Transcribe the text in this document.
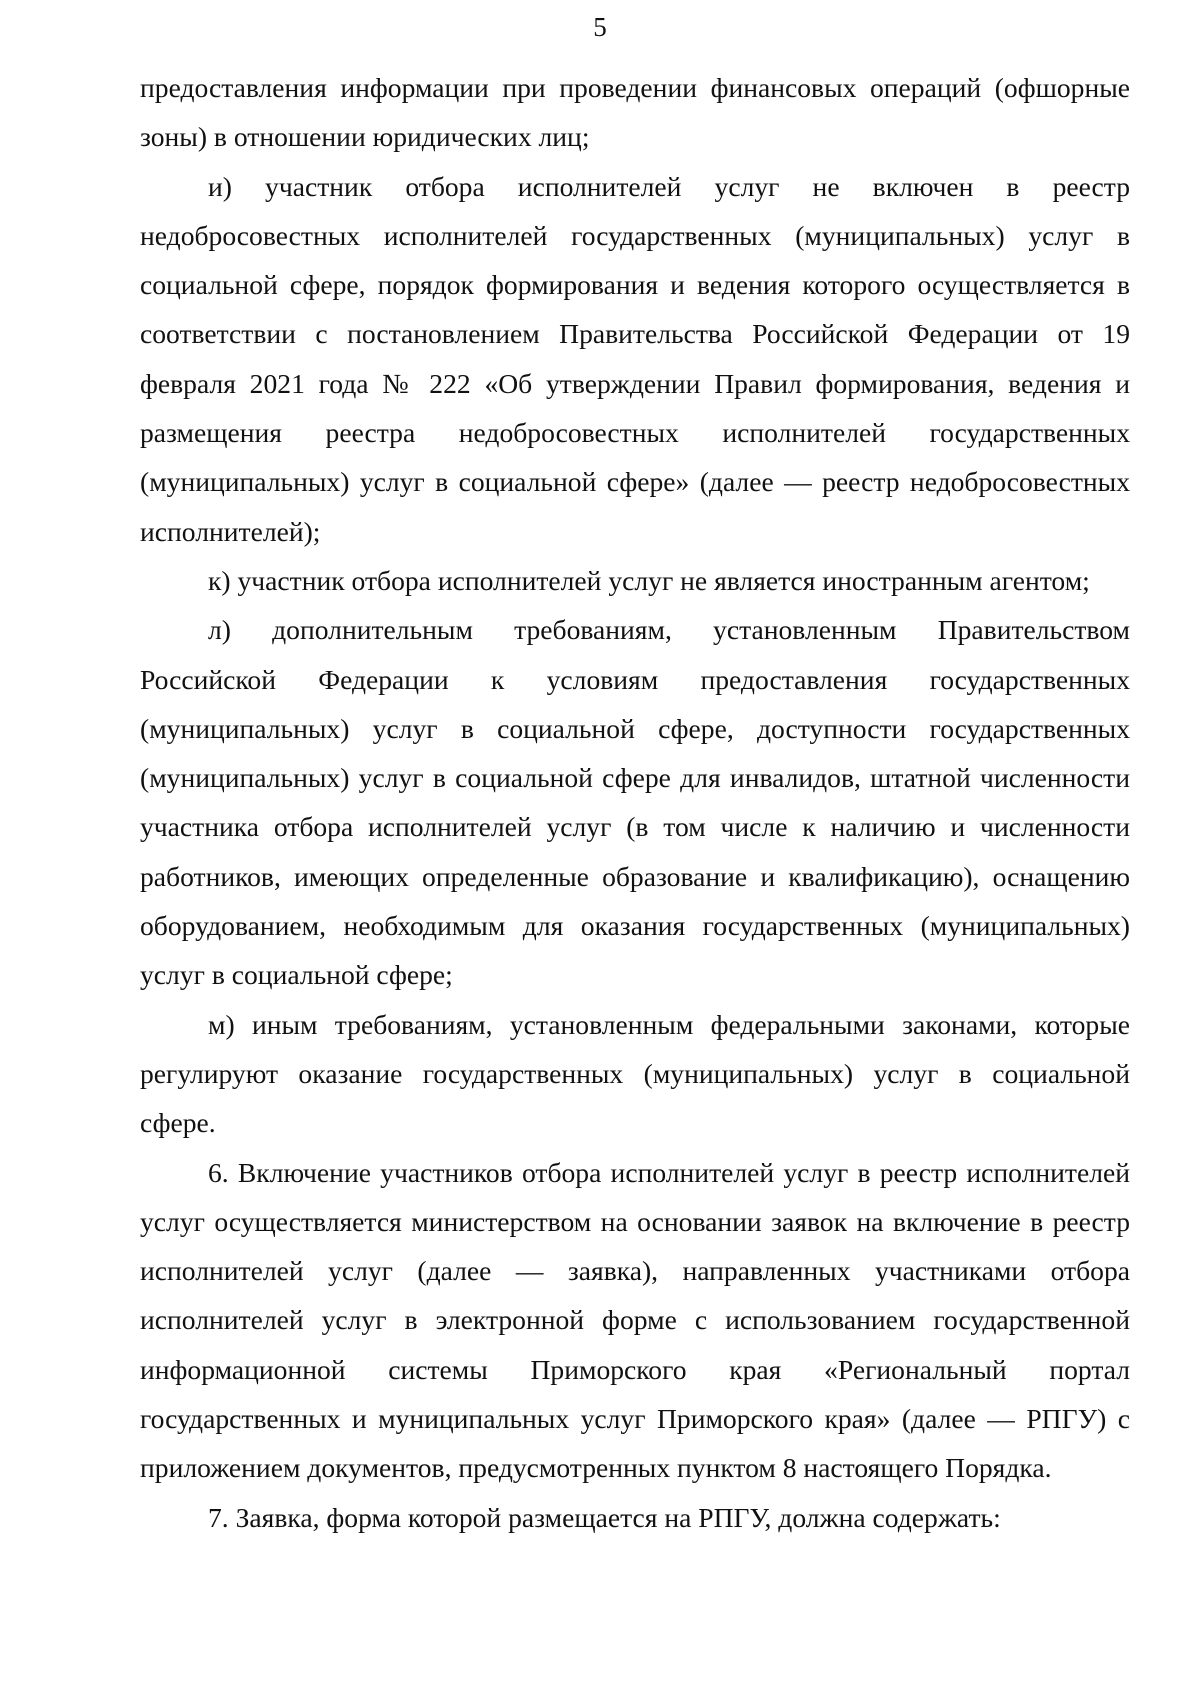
5

предоставления информации при проведении финансовых операций (офшорные зоны) в отношении юридических лиц;

и) участник отбора исполнителей услуг не включен в реестр недобросовестных исполнителей государственных (муниципальных) услуг в социальной сфере, порядок формирования и ведения которого осуществляется в соответствии с постановлением Правительства Российской Федерации от 19 февраля 2021 года № 222 «Об утверждении Правил формирования, ведения и размещения реестра недобросовестных исполнителей государственных (муниципальных) услуг в социальной сфере» (далее — реестр недобросовестных исполнителей);

к) участник отбора исполнителей услуг не является иностранным агентом;

л) дополнительным требованиям, установленным Правительством Российской Федерации к условиям предоставления государственных (муниципальных) услуг в социальной сфере, доступности государственных (муниципальных) услуг в социальной сфере для инвалидов, штатной численности участника отбора исполнителей услуг (в том числе к наличию и численности работников, имеющих определенные образование и квалификацию), оснащению оборудованием, необходимым для оказания государственных (муниципальных) услуг в социальной сфере;

м) иным требованиям, установленным федеральными законами, которые регулируют оказание государственных (муниципальных) услуг в социальной сфере.

6. Включение участников отбора исполнителей услуг в реестр исполнителей услуг осуществляется министерством на основании заявок на включение в реестр исполнителей услуг (далее — заявка), направленных участниками отбора исполнителей услуг в электронной форме с использованием государственной информационной системы Приморского края «Региональный портал государственных и муниципальных услуг Приморского края» (далее — РПГУ) с приложением документов, предусмотренных пунктом 8 настоящего Порядка.

7. Заявка, форма которой размещается на РПГУ, должна содержать:
